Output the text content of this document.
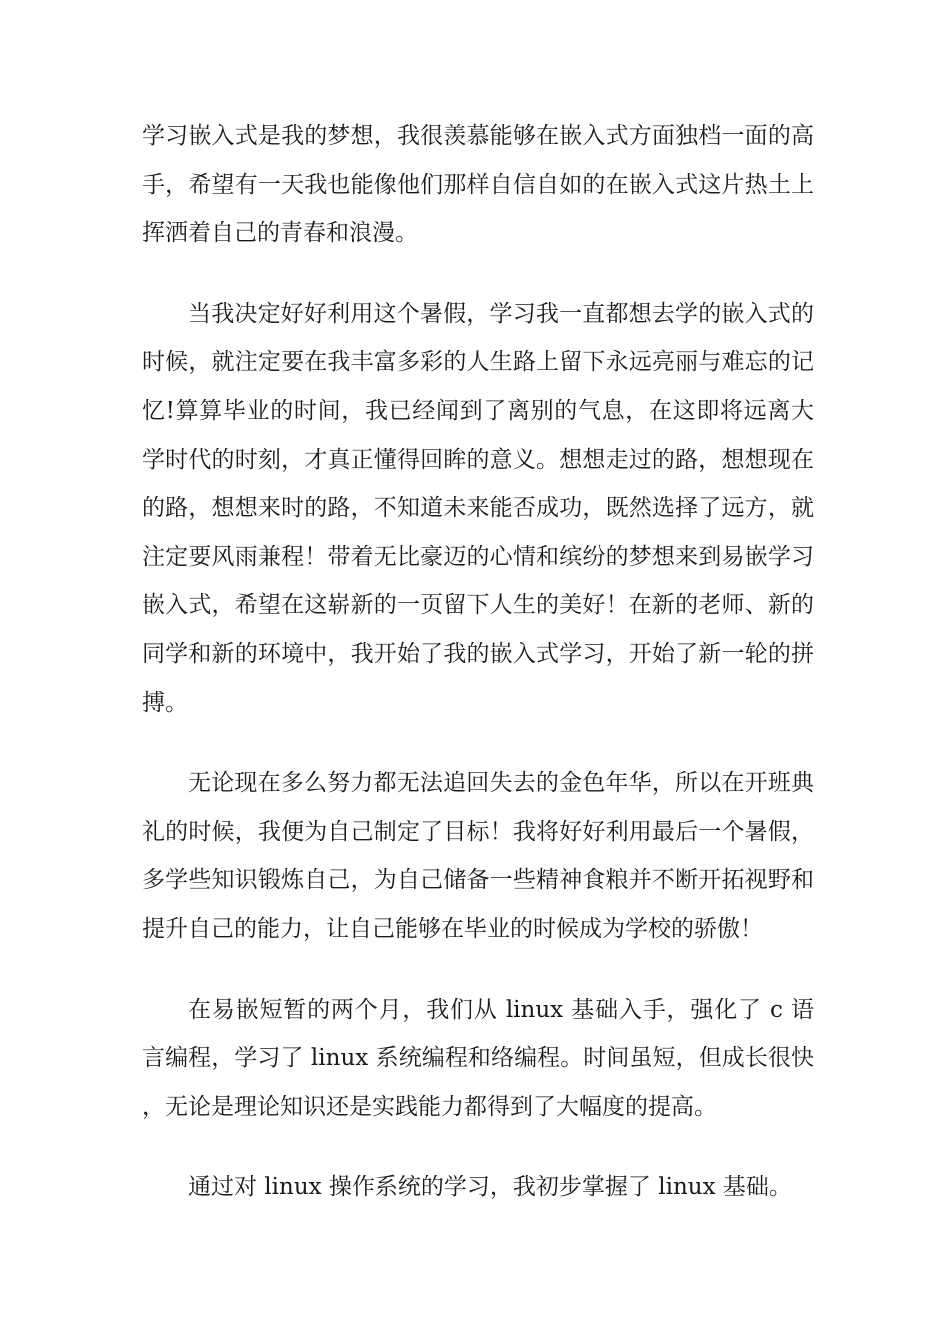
学习嵌入式是我的梦想，我很羡慕能够在嵌入式方面独档一面的高手，希望有一天我也能像他们那样自信自如的在嵌入式这片热土上挥洒着自己的青春和浪漫。

当我决定好好利用这个暑假，学习我一直都想去学的嵌入式的时候，就注定要在我丰富多彩的人生路上留下永远亮丽与难忘的记忆!算算毕业的时间，我已经闻到了离别的气息，在这即将远离大学时代的时刻，才真正懂得回眸的意义。想想走过的路，想想现在的路，想想来时的路，不知道未来能否成功，既然选择了远方，就注定要风雨兼程！带着无比豪迈的心情和缤纷的梦想来到易嵌学习嵌入式，希望在这崭新的一页留下人生的美好！在新的老师、新的同学和新的环境中，我开始了我的嵌入式学习，开始了新一轮的拼搏。

无论现在多么努力都无法追回失去的金色年华，所以在开班典礼的时候，我便为自己制定了目标！我将好好利用最后一个暑假，多学些知识锻炼自己，为自己储备一些精神食粮并不断开拓视野和提升自己的能力，让自己能够在毕业的时候成为学校的骄傲！

在易嵌短暂的两个月，我们从 linux 基础入手，强化了 c 语言编程，学习了 linux 系统编程和络编程。时间虽短，但成长很快，无论是理论知识还是实践能力都得到了大幅度的提高。

通过对 linux 操作系统的学习，我初步掌握了 linux 基础。
